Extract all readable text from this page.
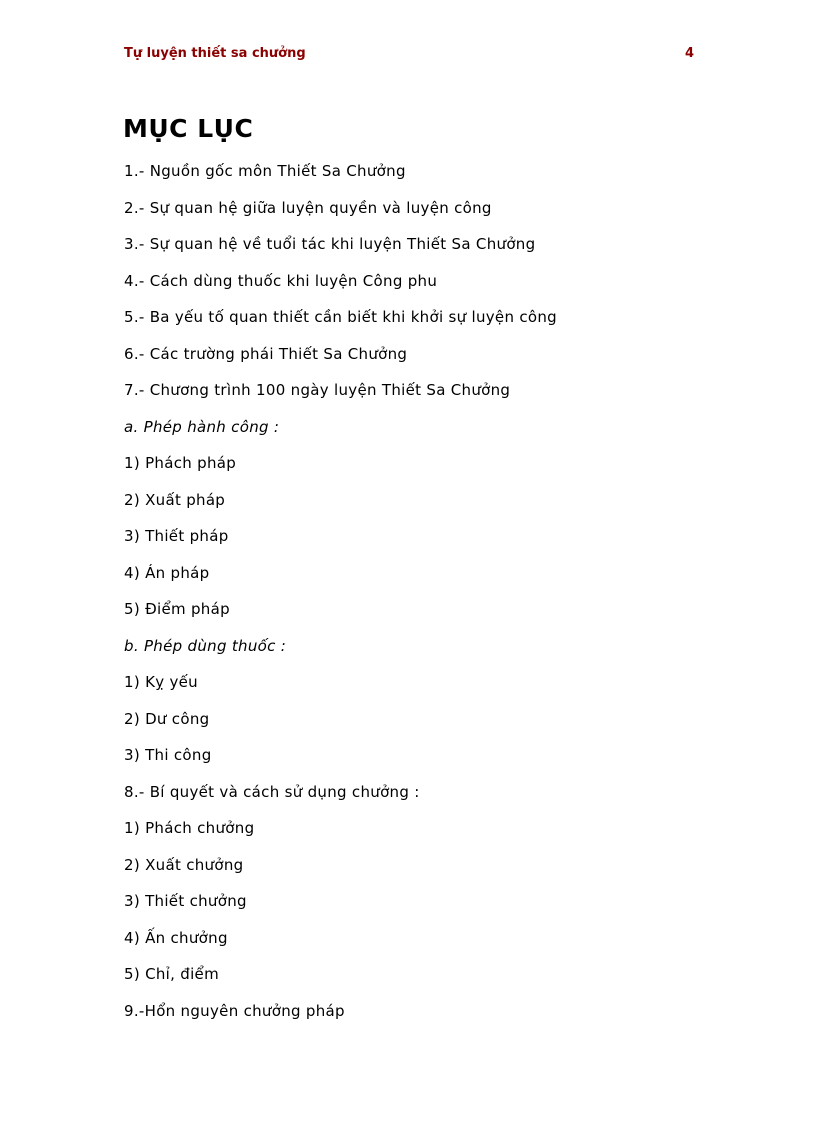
Tự luyện thiết sa chưởng	4
MỤC LỤC
1.- Nguồn gốc môn Thiết Sa Chưởng
2.- Sự quan hệ giữa luyện quyền và luyện công
3.- Sự quan hệ về tuổi tác khi luyện Thiết Sa Chưởng
4.- Cách dùng thuốc khi luyện Công phu
5.- Ba yếu tố quan thiết cần biết khi khởi sự luyện công
6.- Các trường phái Thiết Sa Chưởng
7.- Chương trình 100 ngày luyện Thiết Sa Chưởng
a. Phép hành công :
1) Phách pháp
2) Xuất pháp
3) Thiết pháp
4) Án pháp
5) Điểm pháp
b. Phép dùng thuốc :
1) Kỵ yếu
2) Dư công
3) Thi công
8.- Bí quyết và cách sử dụng chưởng :
1) Phách chưởng
2) Xuất chưởng
3) Thiết chưởng
4) Ấn chưởng
5) Chỉ, điểm
9.-Hổn nguyên chưởng pháp
